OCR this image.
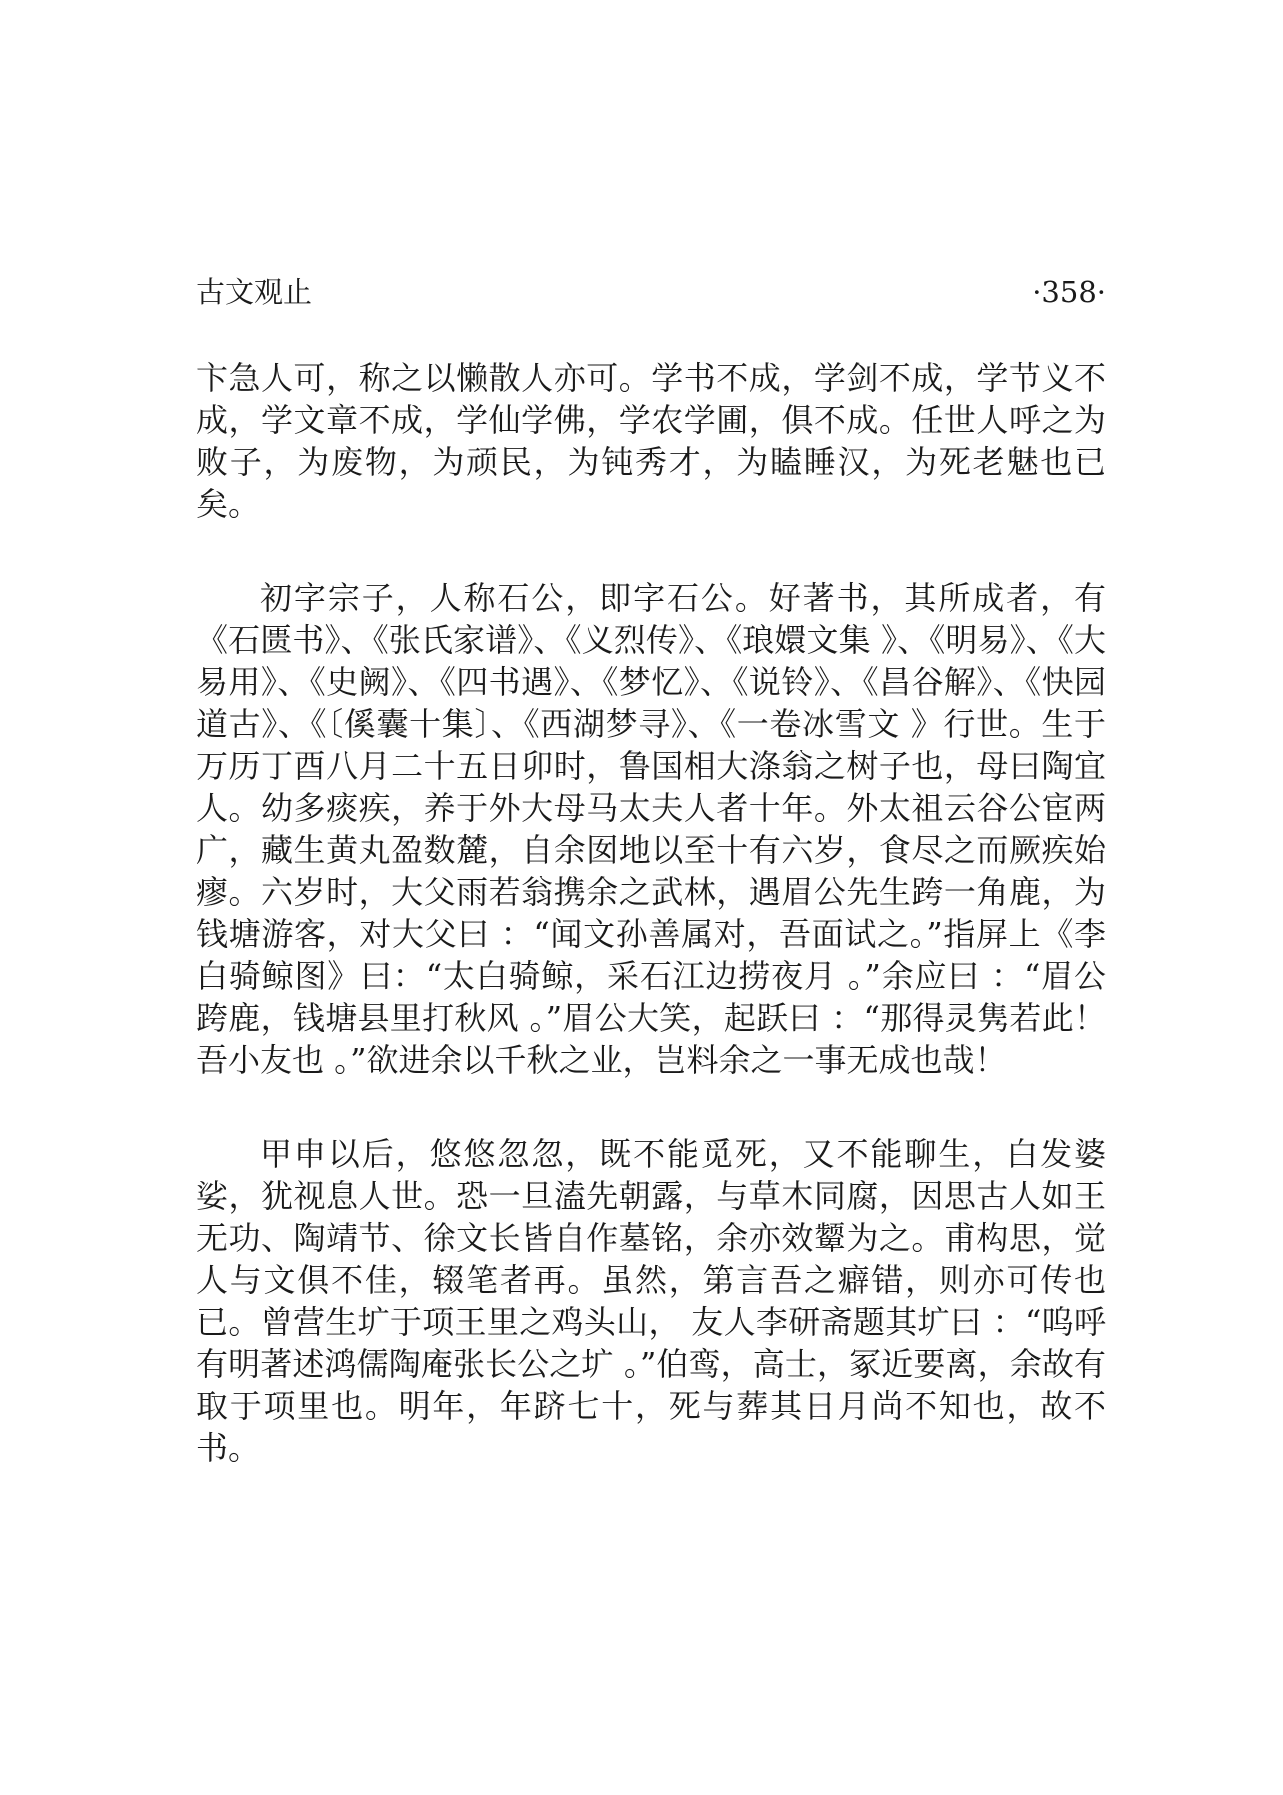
古文观止	·358·

卞急人可，称之以懒散人亦可。学书不成，学剑不成，学节义不成，学文章不成，学仙学佛，学农学圃，俱不成。任世人呼之为败子，为废物，为顽民，为钝秀才，为瞌睡汉，为死老魅也已矣。

初字宗子，人称石公，即字石公。好著书，其所成者，有《石匮书》、《张氏家谱》、《义烈传》、《琅嬛文集 》、《明易》、《大易用》、《史阙》、《四书遇》、《梦忆》、《说铃》、《昌谷解》、《快园道古》、《〔傒囊十集〕、《西湖梦寻》、《一卷冰雪文 》行世。生于万历丁酉八月二十五日卯时，鲁国相大涤翁之树子也，母曰陶宜人。幼多痰疾，养于外大母马太夫人者十年。外太祖云谷公宦两广，藏生黄丸盈数麓，自余囡地以至十有六岁，食尽之而厥疾始瘳。六岁时，大父雨若翁携余之武林，遇眉公先生跨一角鹿，为钱塘游客，对大父曰 ：“闻文孙善属对，吾面试之。”指屏上《李白骑鲸图》曰：“太白骑鲸，采石江边捞夜月 。”余应曰 ：“眉公跨鹿，钱塘县里打秋风 。”眉公大笑，起跃曰 ：“那得灵隽若此！吾小友也 。”欲进余以千秋之业，岂料余之一事无成也哉！

甲申以后，悠悠忽忽，既不能觅死，又不能聊生，白发婆娑，犹视息人世。恐一旦溘先朝露，与草木同腐，因思古人如王无功、陶靖节、徐文长皆自作墓铭，余亦效颦为之。甫构思，觉人与文俱不佳，辍笔者再。虽然，第言吾之癖错，则亦可传也已。曾营生圹于项王里之鸡头山， 友人李研斋题其圹曰 ：“呜呼有明著述鸿儒陶庵张长公之圹 。”伯鸾，高士，冢近要离，余故有取于项里也。明年，年跻七十，死与葬其日月尚不知也，故不书。
